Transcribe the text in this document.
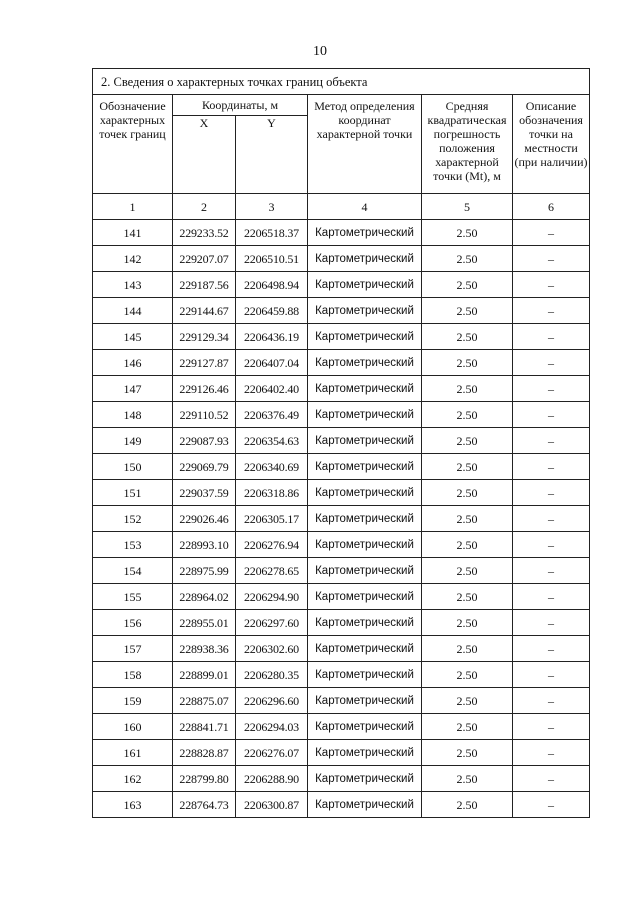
10
2. Сведения о характерных точках границ объекта					
Обозначение характерных точек границ	Координаты, м		Метод определения координат характерной точки	Средняя квадратическая погрешность положения характерной точки (Mt), м	Описание обозначения точки на местности (при наличии)
	X	Y			
1	2	3	4	5	6
141	229233.52	2206518.37	Картометрический	2.50	–
142	229207.07	2206510.51	Картометрический	2.50	–
143	229187.56	2206498.94	Картометрический	2.50	–
144	229144.67	2206459.88	Картометрический	2.50	–
145	229129.34	2206436.19	Картометрический	2.50	–
146	229127.87	2206407.04	Картометрический	2.50	–
147	229126.46	2206402.40	Картометрический	2.50	–
148	229110.52	2206376.49	Картометрический	2.50	–
149	229087.93	2206354.63	Картометрический	2.50	–
150	229069.79	2206340.69	Картометрический	2.50	–
151	229037.59	2206318.86	Картометрический	2.50	–
152	229026.46	2206305.17	Картометрический	2.50	–
153	228993.10	2206276.94	Картометрический	2.50	–
154	228975.99	2206278.65	Картометрический	2.50	–
155	228964.02	2206294.90	Картометрический	2.50	–
156	228955.01	2206297.60	Картометрический	2.50	–
157	228938.36	2206302.60	Картометрический	2.50	–
158	228899.01	2206280.35	Картометрический	2.50	–
159	228875.07	2206296.60	Картометрический	2.50	–
160	228841.71	2206294.03	Картометрический	2.50	–
161	228828.87	2206276.07	Картометрический	2.50	–
162	228799.80	2206288.90	Картометрический	2.50	–
163	228764.73	2206300.87	Картометрический	2.50	–
